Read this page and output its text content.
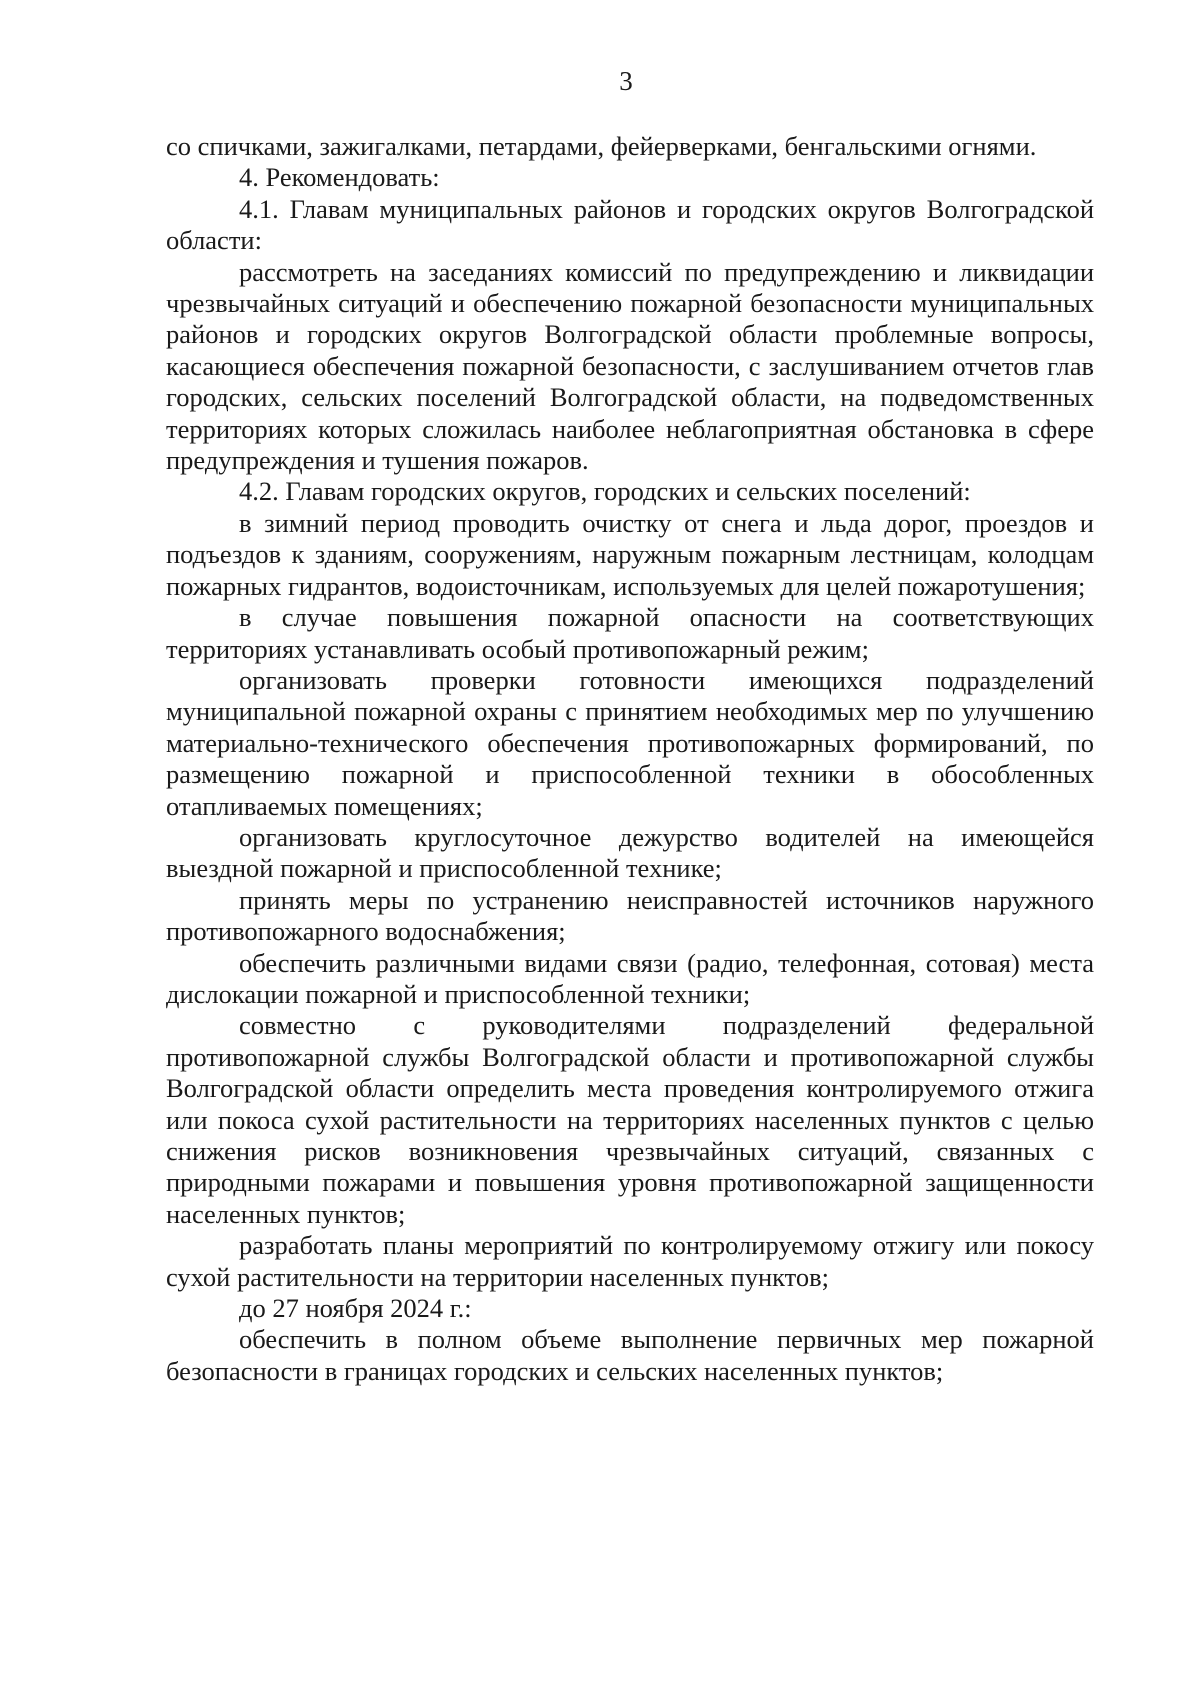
3

со спичками, зажигалками, петардами, фейерверками, бенгальскими огнями.

4. Рекомендовать:

4.1. Главам муниципальных районов и городских округов Волгоградской области:

рассмотреть на заседаниях комиссий по предупреждению и ликвидации чрезвычайных ситуаций и обеспечению пожарной безопасности муниципальных районов и городских округов Волгоградской области проблемные вопросы, касающиеся обеспечения пожарной безопасности, с заслушиванием отчетов глав городских, сельских поселений Волгоградской области, на подведомственных территориях которых сложилась наиболее неблагоприятная обстановка в сфере предупреждения и тушения пожаров.

4.2. Главам городских округов, городских и сельских поселений:

в зимний период проводить очистку от снега и льда дорог, проездов и подъездов к зданиям, сооружениям, наружным пожарным лестницам, колодцам пожарных гидрантов, водоисточникам, используемых для целей пожаротушения;

в случае повышения пожарной опасности на соответствующих территориях устанавливать особый противопожарный режим;

организовать проверки готовности имеющихся подразделений муниципальной пожарной охраны с принятием необходимых мер по улучшению материально-технического обеспечения противопожарных формирований, по размещению пожарной и приспособленной техники в обособленных отапливаемых помещениях;

организовать круглосуточное дежурство водителей на имеющейся выездной пожарной и приспособленной технике;

принять меры по устранению неисправностей источников наружного противопожарного водоснабжения;

обеспечить различными видами связи (радио, телефонная, сотовая) места дислокации пожарной и приспособленной техники;

совместно с руководителями подразделений федеральной противопожарной службы Волгоградской области и противопожарной службы Волгоградской области определить места проведения контролируемого отжига или покоса сухой растительности на территориях населенных пунктов с целью снижения рисков возникновения чрезвычайных ситуаций, связанных с природными пожарами и повышения уровня противопожарной защищенности населенных пунктов;

разработать планы мероприятий по контролируемому отжигу или покосу сухой растительности на территории населенных пунктов;

до 27 ноября 2024 г.:

обеспечить в полном объеме выполнение первичных мер пожарной безопасности в границах городских и сельских населенных пунктов;
